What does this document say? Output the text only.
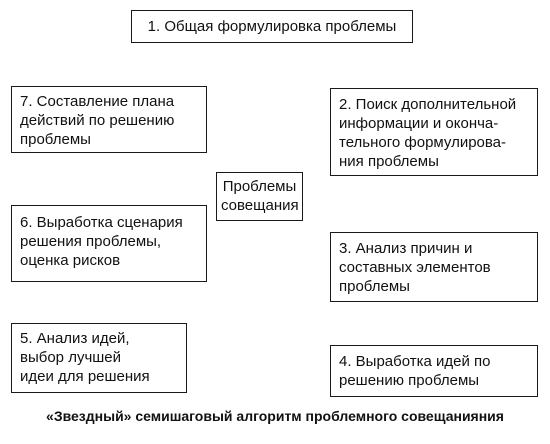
1. Общая формулировка проблемы
7. Составление плана
действий по решению
проблемы
2. Поиск дополнительной
информации и оконча-
тельного формулирова-
ния проблемы
Проблемы
совещания
6. Выработка сценария
решения проблемы,
оценка рисков
3. Анализ причин и
составных элементов
проблемы
5. Анализ идей,
выбор лучшей
идеи для решения
4. Выработка идей по
решению проблемы
«Звездный» семишаговый алгоритм проблемного совещанияния
